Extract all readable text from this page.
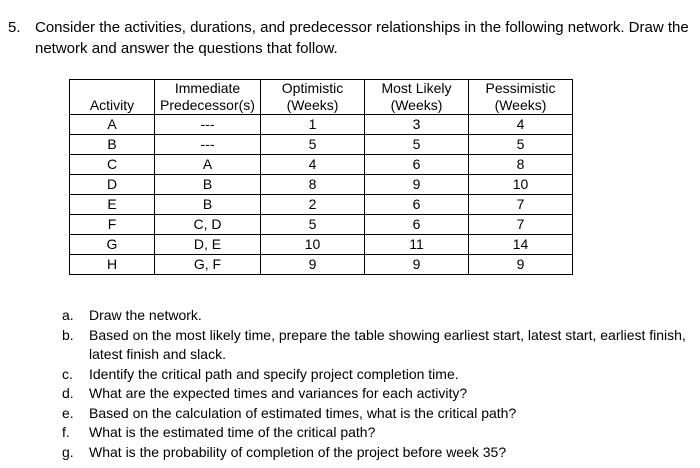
5. Consider the activities, durations, and predecessor relationships in the following network. Draw the network and answer the questions that follow.
Activity	Immediate	Optimistic	Most Likely	Pessimistic
	Predecessor(s)	(Weeks)	(Weeks)	(Weeks)
A	---	1	3	4
B	---	5	5	5
C	A	4	6	8
D	B	8	9	10
E	B	2	6	7
F	C, D	5	6	7
G	D, E	10	11	14
H	G, F	9	9	9
a. Draw the network.
b. Based on the most likely time, prepare the table showing earliest start, latest start, earliest finish, latest finish and slack.
c. Identify the critical path and specify project completion time.
d. What are the expected times and variances for each activity?
e. Based on the calculation of estimated times, what is the critical path?
f. What is the estimated time of the critical path?
g. What is the probability of completion of the project before week 35?
